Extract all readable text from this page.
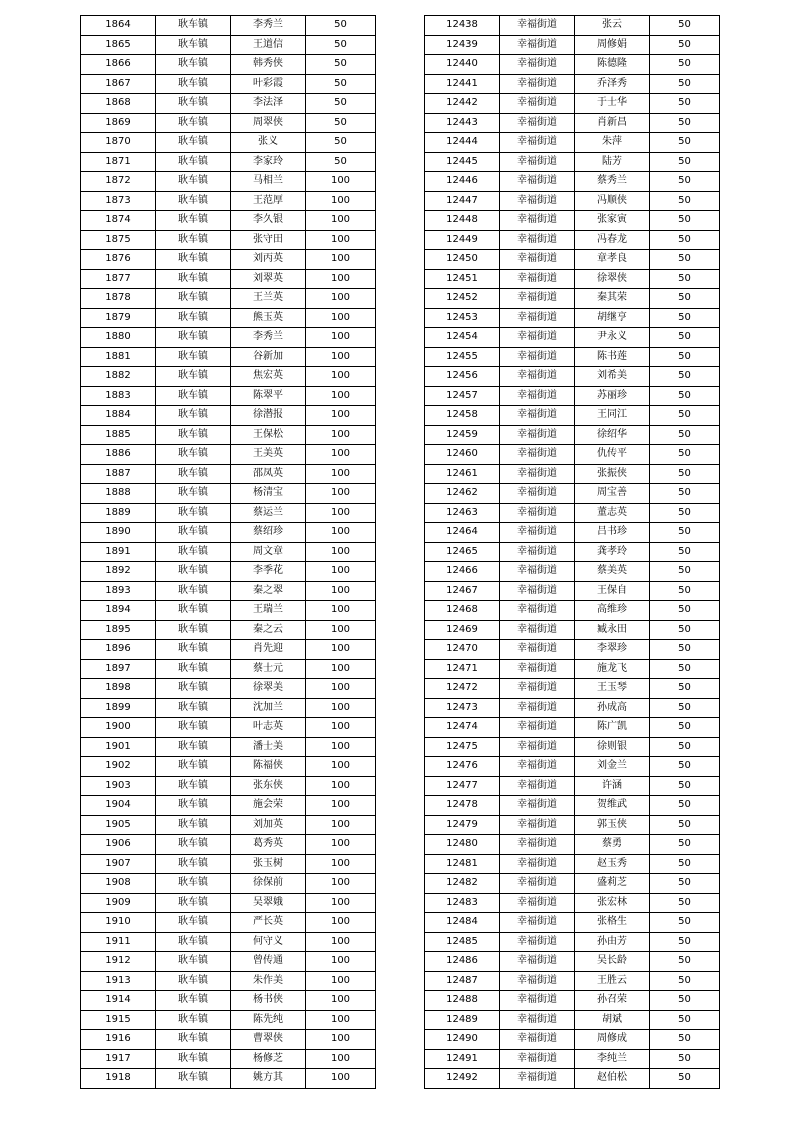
1864	耿车镇	李秀兰	50
1865	耿车镇	王道信	50
1866	耿车镇	韩秀侠	50
1867	耿车镇	叶彩霞	50
1868	耿车镇	李法泽	50
1869	耿车镇	周翠侠	50
1870	耿车镇	张义	50
1871	耿车镇	李家玲	50
1872	耿车镇	马相兰	100
1873	耿车镇	王范厚	100
1874	耿车镇	李久银	100
1875	耿车镇	张守田	100
1876	耿车镇	刘丙英	100
1877	耿车镇	刘翠英	100
1878	耿车镇	王兰英	100
1879	耿车镇	熊玉英	100
1880	耿车镇	李秀兰	100
1881	耿车镇	谷新加	100
1882	耿车镇	焦宏英	100
1883	耿车镇	陈翠平	100
1884	耿车镇	徐潜报	100
1885	耿车镇	王保松	100
1886	耿车镇	王美英	100
1887	耿车镇	邵凤英	100
1888	耿车镇	杨清宝	100
1889	耿车镇	蔡运兰	100
1890	耿车镇	蔡绍珍	100
1891	耿车镇	周文章	100
1892	耿车镇	李季花	100
1893	耿车镇	秦之翠	100
1894	耿车镇	王瑞兰	100
1895	耿车镇	秦之云	100
1896	耿车镇	肖先迎	100
1897	耿车镇	蔡士元	100
1898	耿车镇	徐翠美	100
1899	耿车镇	沈加兰	100
1900	耿车镇	叶志英	100
1901	耿车镇	潘士美	100
1902	耿车镇	陈福侠	100
1903	耿车镇	张东侠	100
1904	耿车镇	施会荣	100
1905	耿车镇	刘加英	100
1906	耿车镇	葛秀英	100
1907	耿车镇	张玉树	100
1908	耿车镇	徐保前	100
1909	耿车镇	吴翠娥	100
1910	耿车镇	严长英	100
1911	耿车镇	何守义	100
1912	耿车镇	曾传通	100
1913	耿车镇	朱作美	100
1914	耿车镇	杨书侠	100
1915	耿车镇	陈先纯	100
1916	耿车镇	曹翠侠	100
1917	耿车镇	杨修芝	100
1918	耿车镇	姚方其	100
12438	幸福街道	张云	50
12439	幸福街道	周修娟	50
12440	幸福街道	陈德隆	50
12441	幸福街道	乔泽秀	50
12442	幸福街道	于士华	50
12443	幸福街道	肖新昌	50
12444	幸福街道	朱萍	50
12445	幸福街道	陆芳	50
12446	幸福街道	蔡秀兰	50
12447	幸福街道	冯顺侠	50
12448	幸福街道	张家寅	50
12449	幸福街道	冯春龙	50
12450	幸福街道	章孝良	50
12451	幸福街道	徐翠侠	50
12452	幸福街道	秦其荣	50
12453	幸福街道	胡继亨	50
12454	幸福街道	尹永义	50
12455	幸福街道	陈书莲	50
12456	幸福街道	刘希美	50
12457	幸福街道	苏丽珍	50
12458	幸福街道	王同江	50
12459	幸福街道	徐绍华	50
12460	幸福街道	仇传平	50
12461	幸福街道	张振侠	50
12462	幸福街道	周宝善	50
12463	幸福街道	董志英	50
12464	幸福街道	吕书珍	50
12465	幸福街道	龚孝玲	50
12466	幸福街道	蔡美英	50
12467	幸福街道	王保自	50
12468	幸福街道	高维珍	50
12469	幸福街道	臧永田	50
12470	幸福街道	李翠珍	50
12471	幸福街道	施龙飞	50
12472	幸福街道	王玉琴	50
12473	幸福街道	孙成高	50
12474	幸福街道	陈广凯	50
12475	幸福街道	徐则银	50
12476	幸福街道	刘金兰	50
12477	幸福街道	许涵	50
12478	幸福街道	贺维武	50
12479	幸福街道	郭玉侠	50
12480	幸福街道	蔡勇	50
12481	幸福街道	赵玉秀	50
12482	幸福街道	盛莉芝	50
12483	幸福街道	张宏林	50
12484	幸福街道	张格生	50
12485	幸福街道	孙由芳	50
12486	幸福街道	吴长龄	50
12487	幸福街道	王胜云	50
12488	幸福街道	孙召荣	50
12489	幸福街道	胡斌	50
12490	幸福街道	周修成	50
12491	幸福街道	李纯兰	50
12492	幸福街道	赵伯松	50
